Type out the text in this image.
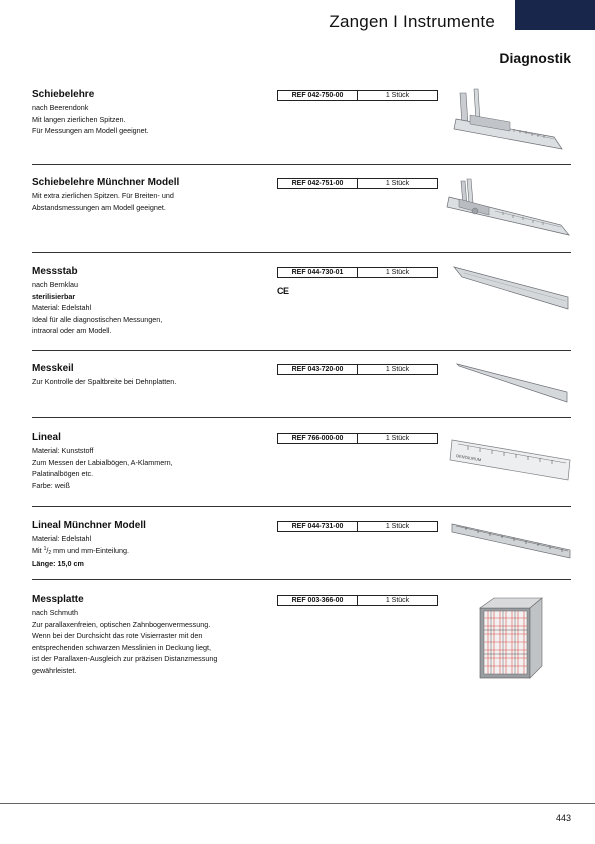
Zangen I Instrumente
Diagnostik
Schiebelehre
nach Beerendonk
Mit langen zierlichen Spitzen.
Für Messungen am Modell geeignet.
REF 042-750-00	1 Stück
Schiebelehre Münchner Modell
Mit extra zierlichen Spitzen. Für Breiten- und
Abstandsmessungen am Modell geeignet.
REF 042-751-00	1 Stück
Messstab
nach Bernklau
sterilisierbar
Material: Edelstahl
Ideal für alle diagnostischen Messungen,
intraoral oder am Modell.
REF 044-730-01	1 Stück
CE
Messkeil
Zur Kontrolle der Spaltbreite bei Dehnplatten.
REF 043-720-00	1 Stück
Lineal
Material: Kunststoff
Zum Messen der Labialbögen, A-Klammern,
Palatinalbögen etc.
Farbe: weiß
REF 766-000-00	1 Stück
DENTAURUM
Lineal Münchner Modell
Material: Edelstahl
Mit $^1$/2 mm und mm-Einteilung.
Länge: 15,0 cm
REF 044-731-00	1 Stück
Messplatte
nach Schmuth
Zur parallaxenfreien, optischen Zahnbogenvermessung.
Wenn bei der Durchsicht das rote Visierraster mit den
entsprechenden schwarzen Messlinien in Deckung liegt,
ist der Parallaxen-Ausgleich zur präzisen Distanzmessung
gewährleistet.
REF 003-366-00	1 Stück
443
